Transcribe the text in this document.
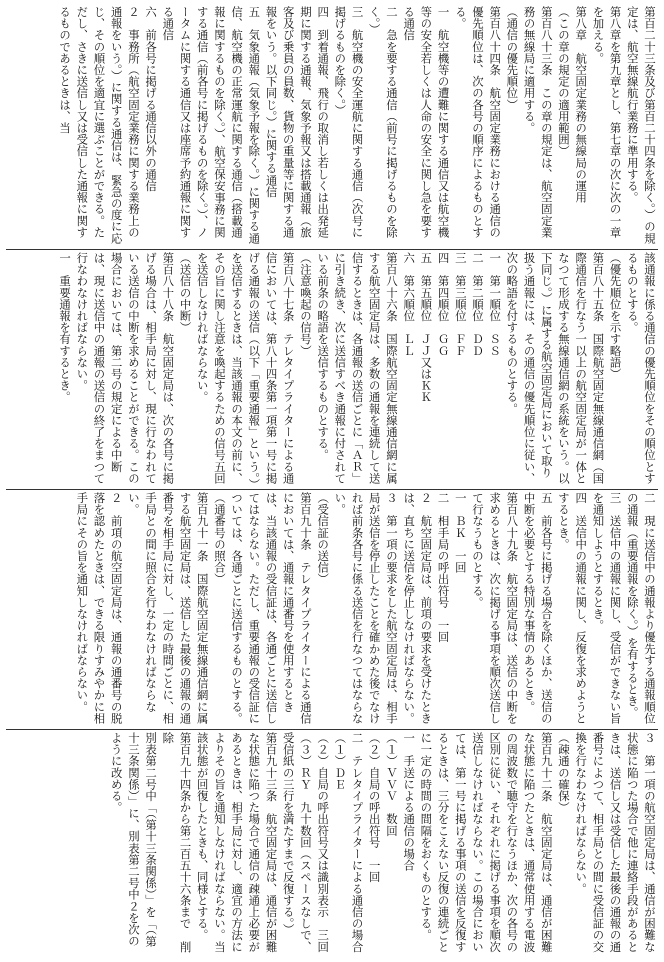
第百二十三条及び第百二十四条を除く。）の規定は、航空無線航行業務に準用する。

第八章を第九章とし、第七章の次に次の一章を加える。

第八章　航空固定業務の無線局の運用

（この章の規定の適用範囲）

第百八十三条　この章の規定は、航空固定業務の無線局に適用する。

（通信の優先順位）

第百八十四条　航空固定業務における通信の優先順位は、次の各号の順序によるものとする。

一　航空機等の遭難に関する通信又は航空機等の安全若しくは人命の安全に関し急を要する通信

二　急を要する通信（前号に掲げるものを除く。）

三　航空機の安全運航に関する通信（次号に掲げるものを除く。）

四　到着通報、飛行の取消し若しくは出発延期に関する通報、気象予報又は搭載通報（旅客及び乗員の員数、貨物の重量等に関する通報をいう。以下同じ。）に関する通信

五　気象通報（気象予報を除く。）に関する通信、航空機の正常運航に関する通信（搭載通報に関するものを除く。）、航空保安事務に関する通信（前各号に掲げるものを除く。）、ノータムに関する通信又は座席予約通報に関する通信

六　前各号に掲げる通信以外の通信

２　事務所（航空固定業務に関する業務上の通報をいう。）に関する通信は、緊急の度に応じ、その順位を適宜に選ぶことができる。ただし、さきに送信し又は受信した通報に関するものであるときは、当

該通報に係る通信の優先順位をその順位とするものとする。

（優先順位を示す略語）

第百八十五条　国際航空固定無線通信網（国際通信を行なう一以上の航空固定局が一体となつて形成する無線通信網の系統をいう。以下同じ。）に属する航空固定局において取り扱う通報には、その通信の優先順位に従い、次の略語を付するものとする。

一　第一順位　ＳＳ

二　第二順位　ＤＤ

三　第三順位　ＦＦ

四　第四順位　ＧＧ

五　第五順位　ＪＪ又はＫＫ

六　第六順位　ＬＬ

第百八十六条　国際航空固定無線通信網に属する航空固定局は、多数の通報を連続して送信するときは、各通報の送信ごとに「ＡＲ」に引き続き、次に送信すべき通報に付されている前条の略語を送信するものとする。

（注意喚起の信号）

第百八十七条　テレタイプライターによる通信においては、第八十四条第一項第一号に掲げる通報の送信（以下「重要通報」という。）を送信するときは、当該通報の本文の前に、その旨に関し注意を喚起するための信号五回を送信しなければならない。

（送信の中断）

第百八十八条　航空固定局は、次の各号に掲げる場合は、相手局に対し、現に行なわれている送信の中断を求めることができる。この場合においては、第二号の規定による中断は、現に送信中の通報の送信の終了をまつて行なわなければならない。

一　重要通報を有するとき。

二　現に送信中の通報より優先する通報順位の通報（重要通報を除く。）を有するとき。

三　送信中の通報に関し、受信ができない旨を通知しようとするとき。

四　送信中の通報に関し、反復を求めようとするとき。

五　前各号に掲げる場合を除くほか、送信の中断を必要とする特別な事情のあるとき。

第百八十九条　航空固定局は、送信の中断を求めるときは、次に掲げる事項を順次送信して行なうものとする。

一　ＢＫ　一回

二　相手局の呼出符号　一回

２　航空固定局は、前項の要求を受けたときは、直ちに送信を停止しなければならない。

３　第一項の要求をした航空固定局は、相手局が送信を停止したことを確かめた後でなければ前条各号に係る送信を行なつてはならない。

（受信証の送信）

第百九十条　テレタイプライターによる通信においては、通報に通番号を使用するときは、当該通報の受信証は、各通ごとに送信してはならない。ただし、重要通報の受信証については、各通ごとに送信するものとする。

（通番号の照合）

第百九十一条　国際航空固定無線通信網に属する航空固定局は、送信した最後の通報の通番号を相手局に対し、一定の時間ごとに、相手局との間に照合を行なわなければならない。

２　前項の航空固定局は、通報の通番号の脱落を認めたときは、できる限りすみやかに相手局にその旨を通知しなければならない。

３　第一項の航空固定局は、通信が困難な状態に陥つた場合で他に連絡手段があるときは、送信し又は受信した最後の通報の通番号によつて、相手局との間に受信証の交換を行なわなければならない。

（疎通の確保）

第百九十二条　航空固定局は、通信が困難な状態に陥つたときは、通常使用する電波の周波数で聴守を行なうほか、次の各号の区別に従い、それぞれに掲げる事項を順次送信しなければならない。この場合においては、第一号に掲げる事項の送信を反復するときは、三分をこえない反復の連続ごとに一定の時間の間隔をおくものとする。

一　手送による通信の場合

（１）ＶＶＶ　数回

（２）自局の呼出符号　一回

二　テレタイプライターによる通信の場合

（１）ＤＥ

（２）自局の呼出符号又は識別表示　三回

（３）ＲＹ　九十数回（スペースなしで、受信紙の三行を満たすまで反復する。）

第百九十三条　航空固定局は、通信が困難な状態に陥つた場合で通信の疎通上必要があるときは、相手局に対し、適宜の方法によりその旨を通知しなければならない。当該状態が回復したときも、同様とする。

第百九十四条から第二百五十六条まで　削除

別表第二号中「（第十三条関係）」を「（第十三条関係）」に、別表第二号中２を次のように改める。
